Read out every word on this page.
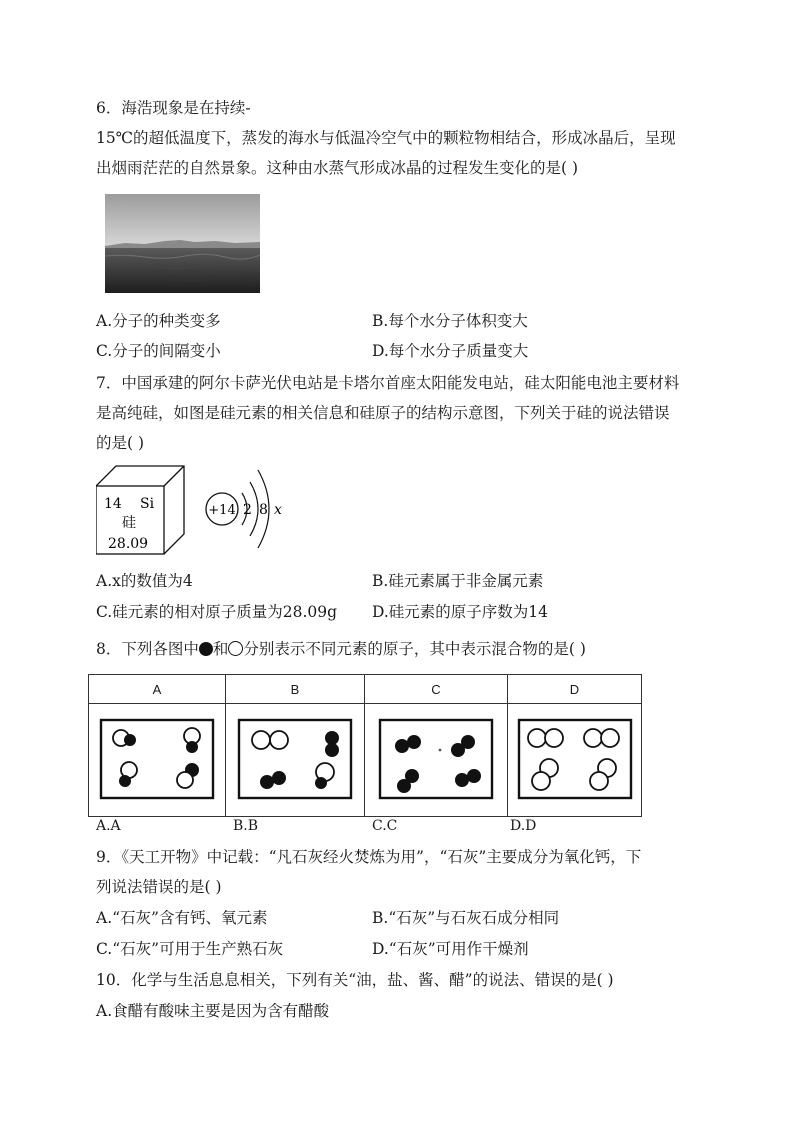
6．海浩现象是在持续-
15℃的超低温度下，蒸发的海水与低温冷空气中的颗粒物相结合，形成冰晶后，呈现
出烟雨茫茫的自然景象。这种由水蒸气形成冰晶的过程发生变化的是( )
A.分子的种类变多	B.每个水分子体积变大
C.分子的间隔变小	D.每个水分子质量变大
7．中国承建的阿尔卡萨光伏电站是卡塔尔首座太阳能发电站，硅太阳能电池主要材料
是高纯硅，如图是硅元素的相关信息和硅原子的结构示意图，下列关于硅的说法错误
的是( )
14 Si
硅
28.09
+14 2 8 x
A.x的数值为4	B.硅元素属于非金属元素
C.硅元素的相对原子质量为28.09g D.硅元素的原子序数为14
8．下列各图中 和 分别表示不同元素的原子，其中表示混合物的是( )
A	B	C	D

A.A	B.B	C.C	D.D
9．《天工开物》中记载：“凡石灰经火焚炼为用”，“石灰”主要成分为氧化钙，下
列说法错误的是( )
A.“石灰”含有钙、氧元素	B.“石灰”与石灰石成分相同
C.“石灰”可用于生产熟石灰	D.“石灰”可用作干燥剂
10．化学与生活息息相关，下列有关“油，盐、酱、醋”的说法、错误的是( )
A.食醋有酸味主要是因为含有醋酸
